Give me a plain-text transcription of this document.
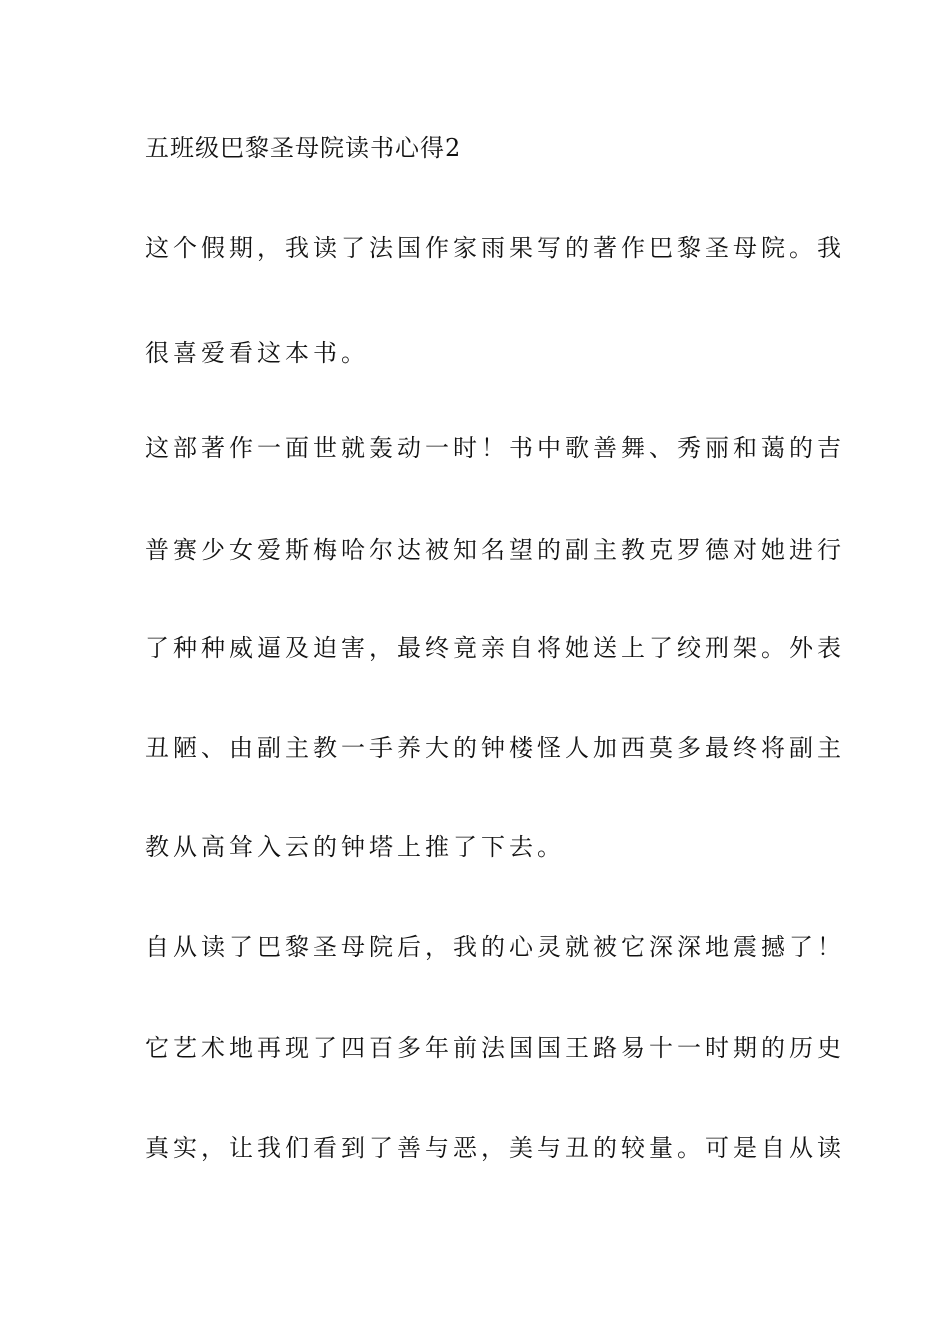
五班级巴黎圣母院读书心得2
这个假期，我读了法国作家雨果写的著作巴黎圣母院。我
很喜爱看这本书。
这部著作一面世就轰动一时！书中歌善舞、秀丽和蔼的吉
普赛少女爱斯梅哈尔达被知名望的副主教克罗德对她进行
了种种威逼及迫害，最终竟亲自将她送上了绞刑架。外表
丑陋、由副主教一手养大的钟楼怪人加西莫多最终将副主
教从高耸入云的钟塔上推了下去。
自从读了巴黎圣母院后，我的心灵就被它深深地震撼了！
它艺术地再现了四百多年前法国国王路易十一时期的历史
真实，让我们看到了善与恶，美与丑的较量。可是自从读
